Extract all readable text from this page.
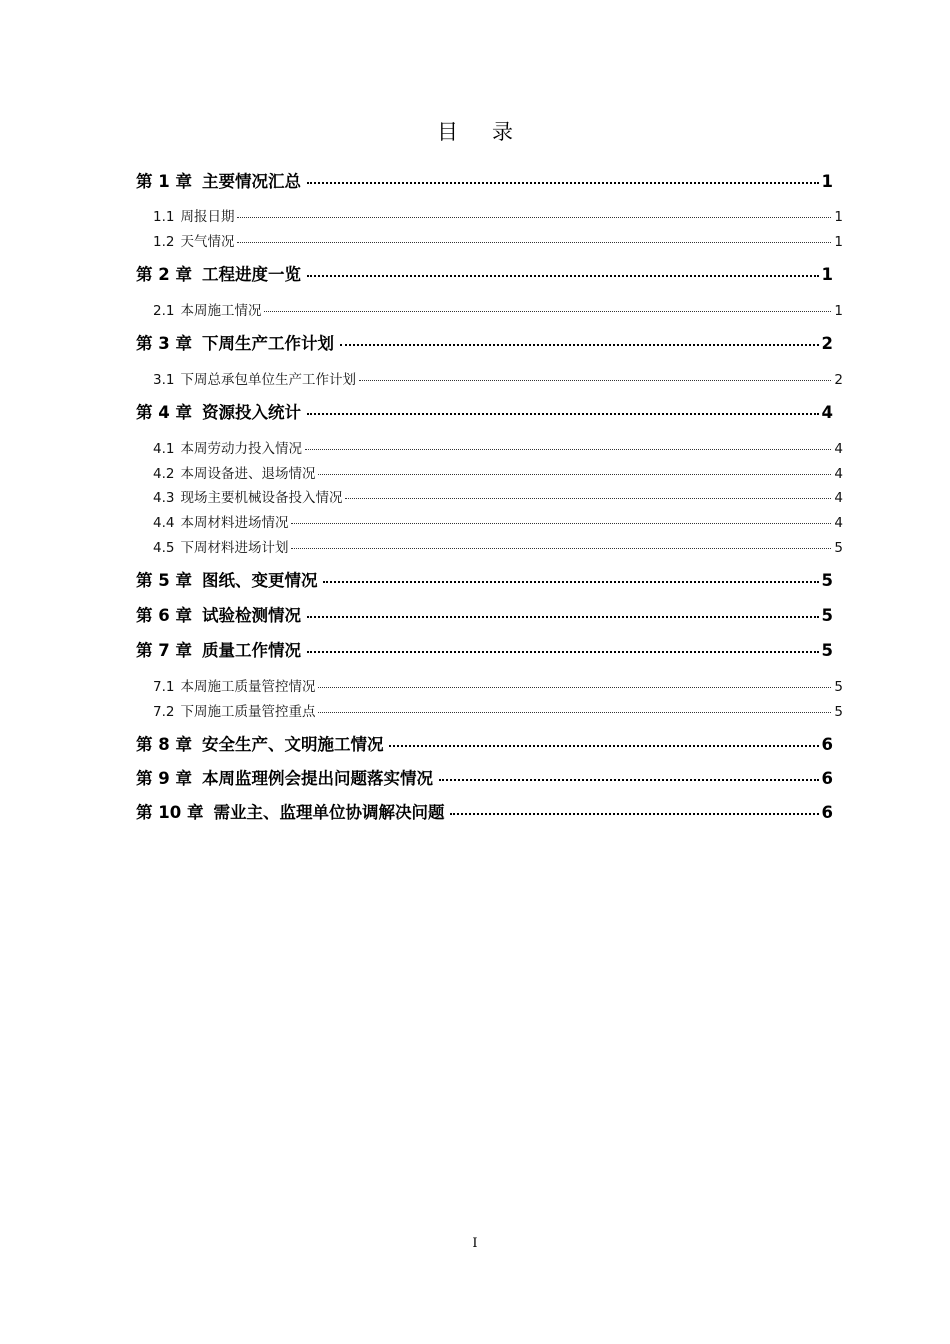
目 录
第 1 章 主要情况汇总	1
1.1 周报日期	1
1.2 天气情况	1
第 2 章 工程进度一览	1
2.1 本周施工情况	1
第 3 章 下周生产工作计划	2
3.1 下周总承包单位生产工作计划	2
第 4 章 资源投入统计	4
4.1 本周劳动力投入情况	4
4.2 本周设备进、退场情况	4
4.3 现场主要机械设备投入情况	4
4.4 本周材料进场情况	4
4.5 下周材料进场计划	5
第 5 章 图纸、变更情况	5
第 6 章 试验检测情况	5
第 7 章 质量工作情况	5
7.1 本周施工质量管控情况	5
7.2 下周施工质量管控重点	5
第 8 章 安全生产、文明施工情况	6
第 9 章 本周监理例会提出问题落实情况	6
第 10 章 需业主、监理单位协调解决问题	6
I
